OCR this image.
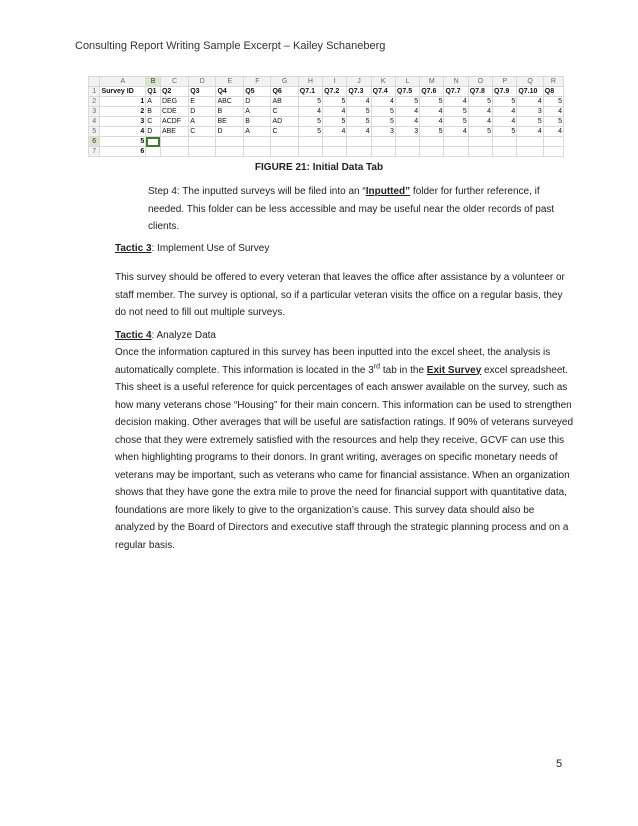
Consulting Report Writing Sample Excerpt – Kailey Schaneberg
	A	B	C	D	E	F	G	H	I	J	K	L	M	N	O	P	Q	R
1	Survey ID	Q1	Q2	Q3	Q4	Q5	Q6	Q7.1	Q7.2	Q7.3	Q7.4	Q7.5	Q7.6	Q7.7	Q7.8	Q7.9	Q7.10	Q8
2	1	A	DEG	E	ABC	D	AB	5	5	4	4	5	5	4	5	5	4	5
3	2	B	CDE	D	B	A	C	4	4	5	5	4	4	5	4	4	3	4
4	3	C	ACDF	A	BE	B	AD	5	5	5	5	4	4	5	4	4	5	5
5	4	D	ABE	C	D	A	C	5	4	4	3	3	5	4	5	5	4	4
6	5																	
7	6																	
FIGURE 21: Initial Data Tab
Step 4: The inputted surveys will be filed into an “Inputted” folder for further reference, if needed. This folder can be less accessible and may be useful near the older records of past clients.
Tactic 3: Implement Use of Survey
This survey should be offered to every veteran that leaves the office after assistance by a volunteer or staff member. The survey is optional, so if a particular veteran visits the office on a regular basis, they do not need to fill out multiple surveys.
Tactic 4: Analyze Data
Once the information captured in this survey has been inputted into the excel sheet, the analysis is automatically complete. This information is located in the 3rd tab in the Exit Survey excel spreadsheet. This sheet is a useful reference for quick percentages of each answer available on the survey, such as how many veterans chose “Housing” for their main concern. This information can be used to strengthen decision making. Other averages that will be useful are satisfaction ratings. If 90% of veterans surveyed chose that they were extremely satisfied with the resources and help they receive, GCVF can use this when highlighting programs to their donors. In grant writing, averages on specific monetary needs of veterans may be important, such as veterans who came for financial assistance. When an organization shows that they have gone the extra mile to prove the need for financial support with quantitative data, foundations are more likely to give to the organization’s cause. This survey data should also be analyzed by the Board of Directors and executive staff through the strategic planning process and on a regular basis.
5
